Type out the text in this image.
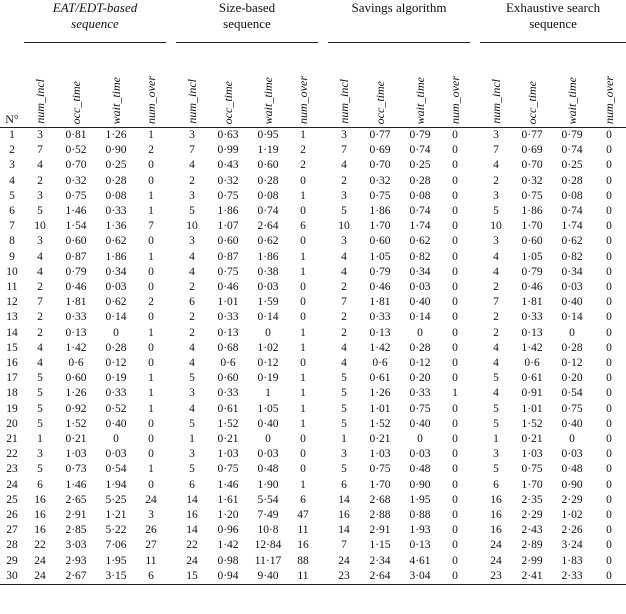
	EAT/EDT-based
sequence					Size-based
sequence					Savings algorithm					Exhaustive search
sequence			

N°	num_incl	occ_time	wait_time	num_over		num_incl	occ_time	wait_time	num_over		num_incl	occ_time	wait_time	num_over		num_incl	occ_time	wait_time	num_over
1	3	0·81	1·26	1		3	0·63	0·95	1		3	0·77	0·79	0		3	0·77	0·79	0
2	7	0·52	0·90	2		7	0·99	1·19	2		7	0·69	0·74	0		7	0·69	0·74	0
3	4	0·70	0·25	0		4	0·43	0·60	2		4	0·70	0·25	0		4	0·70	0·25	0
4	2	0·32	0·28	0		2	0·32	0·28	0		2	0·32	0·28	0		2	0·32	0·28	0
5	3	0·75	0·08	1		3	0·75	0·08	1		3	0·75	0·08	0		3	0·75	0·08	0
6	5	1·46	0·33	1		5	1·86	0·74	0		5	1·86	0·74	0		5	1·86	0·74	0
7	10	1·54	1·36	7		10	1·07	2·64	6		10	1·70	1·74	0		10	1·70	1·74	0
8	3	0·60	0·62	0		3	0·60	0·62	0		3	0·60	0·62	0		3	0·60	0·62	0
9	4	0·87	1·86	1		4	0·87	1·86	1		4	1·05	0·82	0		4	1·05	0·82	0
10	4	0·79	0·34	0		4	0·75	0·38	1		4	0·79	0·34	0		4	0·79	0·34	0
11	2	0·46	0·03	0		2	0·46	0·03	0		2	0·46	0·03	0		2	0·46	0·03	0
12	7	1·81	0·62	2		6	1·01	1·59	0		7	1·81	0·40	0		7	1·81	0·40	0
13	2	0·33	0·14	0		2	0·33	0·14	0		2	0·33	0·14	0		2	0·33	0·14	0
14	2	0·13	0	1		2	0·13	0	1		2	0·13	0	0		2	0·13	0	0
15	4	1·42	0·28	0		4	0·68	1·02	1		4	1·42	0·28	0		4	1·42	0·28	0
16	4	0·6	0·12	0		4	0·6	0·12	0		4	0·6	0·12	0		4	0·6	0·12	0
17	5	0·60	0·19	1		5	0·60	0·19	1		5	0·61	0·20	0		5	0·61	0·20	0
18	5	1·26	0·33	1		3	0·33	1	1		5	1·26	0·33	1		4	0·91	0·54	0
19	5	0·92	0·52	1		4	0·61	1·05	1		5	1·01	0·75	0		5	1·01	0·75	0
20	5	1·52	0·40	0		5	1·52	0·40	1		5	1·52	0·40	0		5	1·52	0·40	0
21	1	0·21	0	0		1	0·21	0	0		1	0·21	0	0		1	0·21	0	0
22	3	1·03	0·03	0		3	1·03	0·03	0		3	1·03	0·03	0		3	1·03	0·03	0
23	5	0·73	0·54	1		5	0·75	0·48	0		5	0·75	0·48	0		5	0·75	0·48	0
24	6	1·46	1·94	0		6	1·46	1·90	1		6	1·70	0·90	0		6	1·70	0·90	0
25	16	2·65	5·25	24		14	1·61	5·54	6		14	2·68	1·95	0		16	2·35	2·29	0
26	16	2·91	1·21	3		16	1·20	7·49	47		16	2·88	0·88	0		16	2·29	1·02	0
27	16	2·85	5·22	26		14	0·96	10·8	11		14	2·91	1·93	0		16	2·43	2·26	0
28	22	3·03	7·06	27		22	1·42	12·84	16		7	1·15	0·13	0		24	2·89	3·24	0
29	24	2·93	1·95	11		24	0·98	11·17	88		24	2·34	4·61	0		24	2·99	1·83	0
30	24	2·67	3·15	6		15	0·94	9·40	11		23	2·64	3·04	0		23	2·41	2·33	0
